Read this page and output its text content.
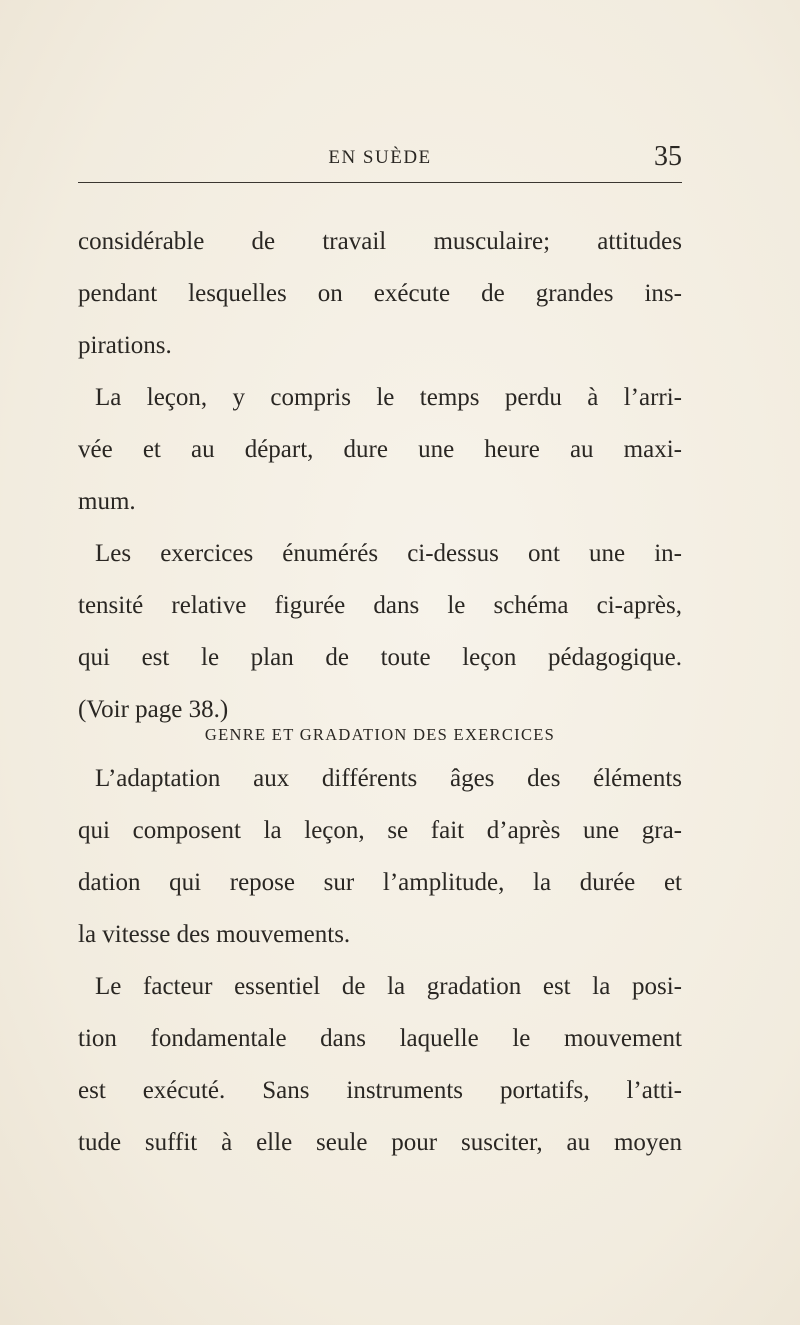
EN SUÈDE	35
considérable de travail musculaire; attitudes
pendant lesquelles on exécute de grandes ins-
pirations.
La leçon, y compris le temps perdu à l’arri-
vée et au départ, dure une heure au maxi-
mum.
Les exercices énumérés ci-dessus ont une in-
tensité relative figurée dans le schéma ci-après,
qui est le plan de toute leçon pédagogique.
(Voir page 38.)
GENRE ET GRADATION DES EXERCICES
L’adaptation aux différents âges des éléments
qui composent la leçon, se fait d’après une gra-
dation qui repose sur l’amplitude, la durée et
la vitesse des mouvements.
Le facteur essentiel de la gradation est la posi-
tion fondamentale dans laquelle le mouvement
est exécuté. Sans instruments portatifs, l’atti-
tude suffit à elle seule pour susciter, au moyen
